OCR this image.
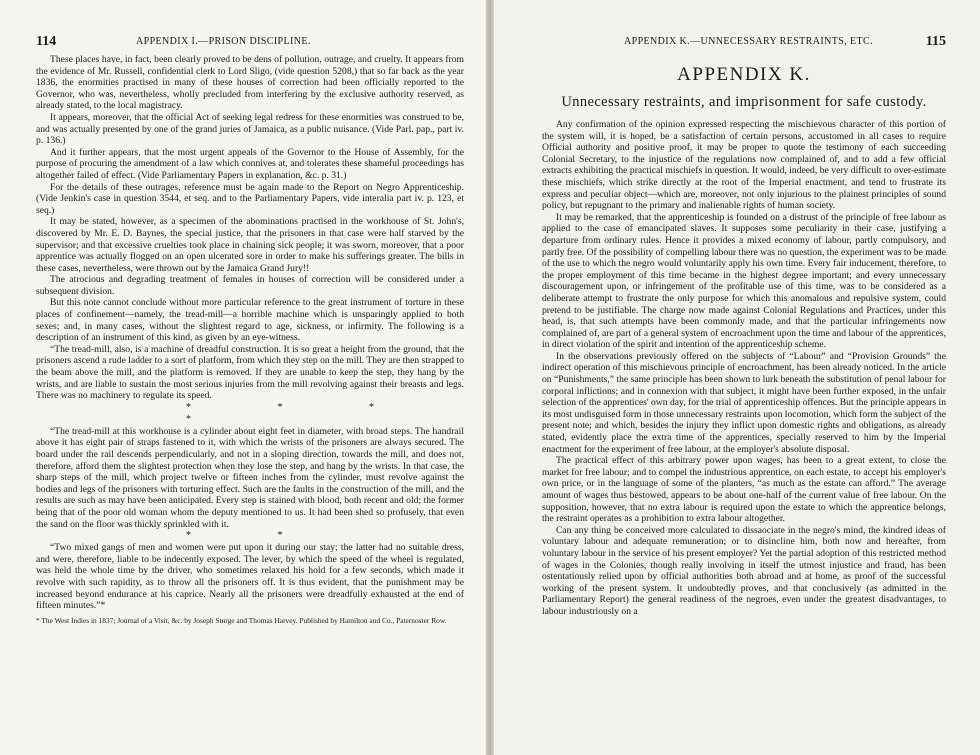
114	APPENDIX I.—PRISON DISCIPLINE.

These places have, in fact, been clearly proved to be dens of pollution, outrage, and cruelty. It appears from the evidence of Mr. Russell, confidential clerk to Lord Sligo, (vide question 5208,) that so far back as the year 1836, the enormities practised in many of these houses of correction had been officially reported to the Governor, who was, nevertheless, wholly precluded from interfering by the exclusive authority reserved, as already stated, to the local magistracy.

It appears, moreover, that the official Act of seeking legal redress for these enormities was construed to be, and was actually presented by one of the grand juries of Jamaica, as a public nuisance. (Vide Parl. pap., part iv. p. 136.)

And it further appears, that the most urgent appeals of the Governor to the House of Assembly, for the purpose of procuring the amendment of a law which connives at, and tolerates these shameful proceedings has altogether failed of effect. (Vide Parliamentary Papers in explanation, &c. p. 31.)

For the details of these outrages, reference must be again made to the Report on Negro Apprenticeship. (Vide Jenkin's case in question 3544, et seq. and to the Parliamentary Papers, vide interalia part iv. p. 123, et seq.)

It may be stated, however, as a specimen of the abominations practised in the workhouse of St. John's, discovered by Mr. E. D. Baynes, the special justice, that the prisoners in that case were half starved by the supervisor; and that excessive cruelties took place in chaining sick people; it was sworn, moreover, that a poor apprentice was actually flogged on an open ulcerated sore in order to make his sufferings greater. The bills in these cases, nevertheless, were thrown out by the Jamaica Grand Jury!!

The atrocious and degrading treatment of females in houses of correction will be considered under a subsequent division.

But this note cannot conclude without more particular reference to the great instrument of torture in these places of confinement—namely, the tread-mill—a horrible machine which is unsparingly applied to both sexes; and, in many cases, without the slightest regard to age, sickness, or infirmity. The following is a description of an instrument of this kind, as given by an eye-witness.

“The tread-mill, also, is a machine of dreadful construction. It is so great a height from the ground, that the prisoners ascend a rude ladder to a sort of platform, from which they step on the mill. They are then strapped to the beam above the mill, and the platform is removed. If they are unable to keep the step, they hang by the wrists, and are liable to sustain the most serious injuries from the mill revolving against their breasts and legs. There was no machinery to regulate its speed.

* * * *

“The tread-mill at this workhouse is a cylinder about eight feet in diameter, with broad steps. The handrail above it has eight pair of straps fastened to it, with which the wrists of the prisoners are always secured. The board under the rail descends perpendicularly, and not in a sloping direction, towards the mill, and does not, therefore, afford them the slightest protection when they lose the step, and hang by the wrists. In that case, the sharp steps of the mill, which project twelve or fifteen inches from the cylinder, must revolve against the bodies and legs of the prisoners with torturing effect. Such are the faults in the construction of the mill, and the results are such as may have been anticipated. Every step is stained with blood, both recent and old; the former being that of the poor old woman whom the deputy mentioned to us. It had been shed so profusely, that even the sand on the floor was thickly sprinkled with it.

* *

“Two mixed gangs of men and women were put upon it during our stay; the latter had no suitable dress, and were, therefore, liable to be indecently exposed. The lever, by which the speed of the wheel is regulated, was held the whole time by the driver, who sometimes relaxed his hold for a few seconds, which made it revolve with such rapidity, as to throw all the prisoners off. It is thus evident, that the punishment may be increased beyond endurance at his caprice. Nearly all the prisoners were dreadfully exhausted at the end of fifteen minutes.”*

* The West Indies in 1837; Journal of a Visit, &c. by Joseph Sturge and Thomas Harvey. Published by Hamilton and Co., Paternoster Row.
APPENDIX K.—UNNECESSARY RESTRAINTS, ETC.	115
APPENDIX K.
Unnecessary restraints, and imprisonment for safe custody.

Any confirmation of the opinion expressed respecting the mischievous character of this portion of the system will, it is hoped, be a satisfaction of certain persons, accustomed in all cases to require Official authority and positive proof, it may be proper to quote the testimony of each succeeding Colonial Secretary, to the injustice of the regulations now complained of, and to add a few official extracts exhibiting the practical mischiefs in question. It would, indeed, be very difficult to over-estimate these mischiefs, which strike directly at the root of the Imperial enactment, and tend to frustrate its express and peculiar object—which are, moreover, not only injurious to the plainest principles of sound policy, but repugnant to the primary and inalienable rights of human society.

It may be remarked, that the apprenticeship is founded on a distrust of the principle of free labour as applied to the case of emancipated slaves. It supposes some peculiarity in their case, justifying a departure from ordinary rules. Hence it provides a mixed economy of labour, partly compulsory, and partly free. Of the possibility of compelling labour there was no question, the experiment was to be made of the use to which the negro would voluntarily apply his own time. Every fair inducement, therefore, to the proper employment of this time became in the highest degree important; and every unnecessary discouragement upon, or infringement of the profitable use of this time, was to be considered as a deliberate attempt to frustrate the only purpose for which this anomalous and repulsive system, could pretend to be justifiable. The charge now made against Colonial Regulations and Practices, under this head, is, that such attempts have been commonly made, and that the particular infringements now complained of, are part of a general system of encroachment upon the time and labour of the apprentices, in direct violation of the spirit and intention of the apprenticeship scheme.

In the observations previously offered on the subjects of “Labour” and “Provision Grounds” the indirect operation of this mischievous principle of encroachment, has been already noticed. In the article on “Punishments,” the same principle has been shown to lurk beneath the substitution of penal labour for corporal inflictions; and in connexion with that subject, it might have been further exposed, in the unfair selection of the apprentices' own day, for the trial of apprenticeship offences. But the principle appears in its most undisguised form in those unnecessary restraints upon locomotion, which form the subject of the present note; and which, besides the injury they inflict upon domestic rights and obligations, as already stated, evidently place the extra time of the apprentices, specially reserved to him by the Imperial enactment for the experiment of free labour, at the employer's absolute disposal.

The practical effect of this arbitrary power upon wages, has been to a great extent, to close the market for free labour; and to compel the industrious apprentice, on each estate, to accept his employer's own price, or in the language of some of the planters, “as much as the estate can afford.” The average amount of wages thus bestowed, appears to be about one-half of the current value of free labour. On the supposition, however, that no extra labour is required upon the estate to which the apprentice belongs, the restraint operates as a prohibition to extra labour altogether.

Can any thing be conceived more calculated to dissaociate in the negro's mind, the kindred ideas of voluntary labour and adequate remuneration; or to disincline him, both now and hereafter, from voluntary labour in the service of his present employer? Yet the partial adoption of this restricted method of wages in the Colonies, though really involving in itself the utmost injustice and fraud, has been ostentatiously relied upon by official authorities both abroad and at home, as proof of the successful working of the present system. It undoubtedly proves, and that conclusively (as admitted in the Parliamentary Report) the general readiness of the negroes, even under the greatest disadvantages, to labour industriously on a
